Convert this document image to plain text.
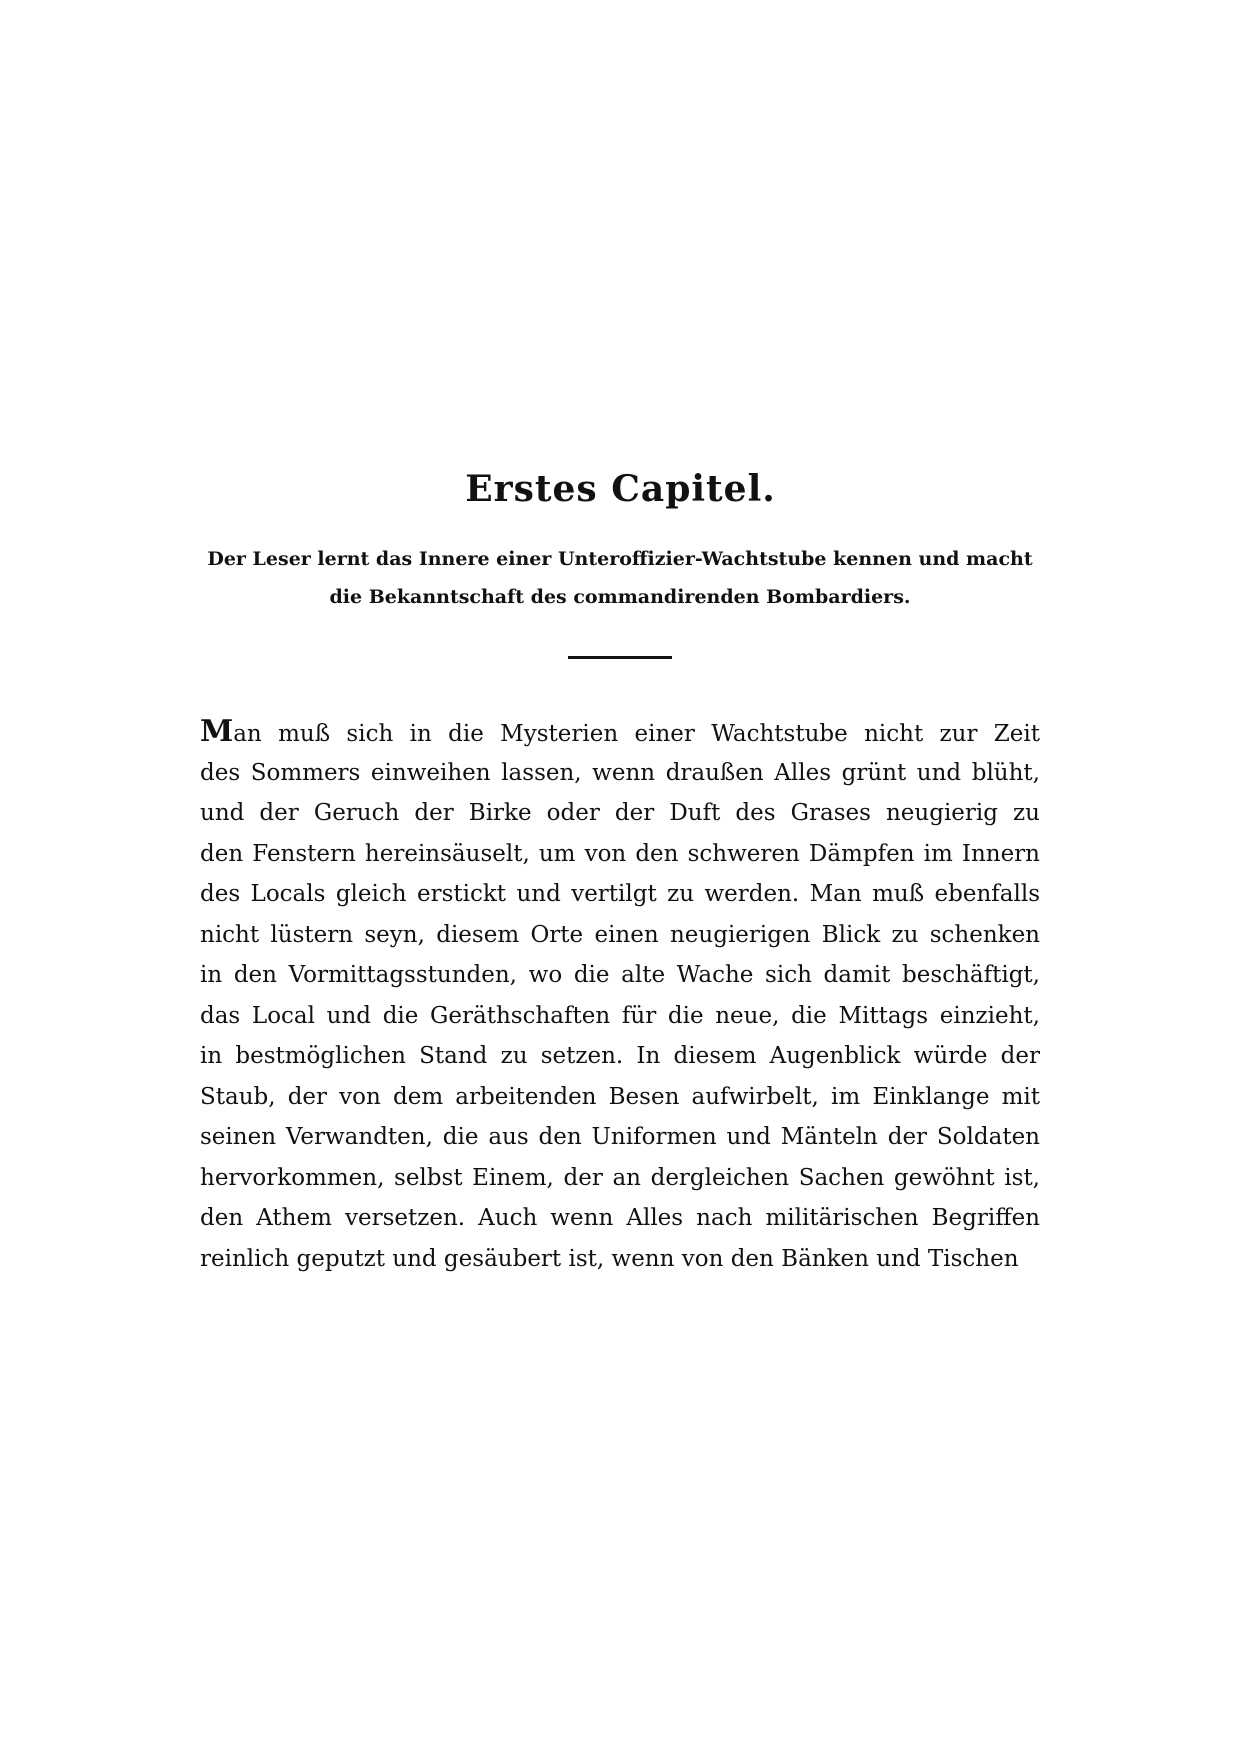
Erstes Capitel.

Der Leser lernt das Innere einer Unteroffizier-Wachtstube kennen und macht
die Bekanntschaft des commandirenden Bombardiers.

Man muß sich in die Mysterien einer Wachtstube nicht zur Zeit
des Sommers einweihen lassen, wenn draußen Alles grünt und blüht,
und der Geruch der Birke oder der Duft des Grases neugierig zu
den Fenstern hereinsäuselt, um von den schweren Dämpfen im Innern
des Locals gleich erstickt und vertilgt zu werden. Man muß ebenfalls
nicht lüstern seyn, diesem Orte einen neugierigen Blick zu schenken
in den Vormittagsstunden, wo die alte Wache sich damit beschäftigt,
das Local und die Geräthschaften für die neue, die Mittags einzieht,
in bestmöglichen Stand zu setzen. In diesem Augenblick würde der
Staub, der von dem arbeitenden Besen aufwirbelt, im Einklange mit
seinen Verwandten, die aus den Uniformen und Mänteln der Soldaten
hervorkommen, selbst Einem, der an dergleichen Sachen gewöhnt ist,
den Athem versetzen. Auch wenn Alles nach militärischen Begriffen
reinlich geputzt und gesäubert ist, wenn von den Bänken und Tischen
